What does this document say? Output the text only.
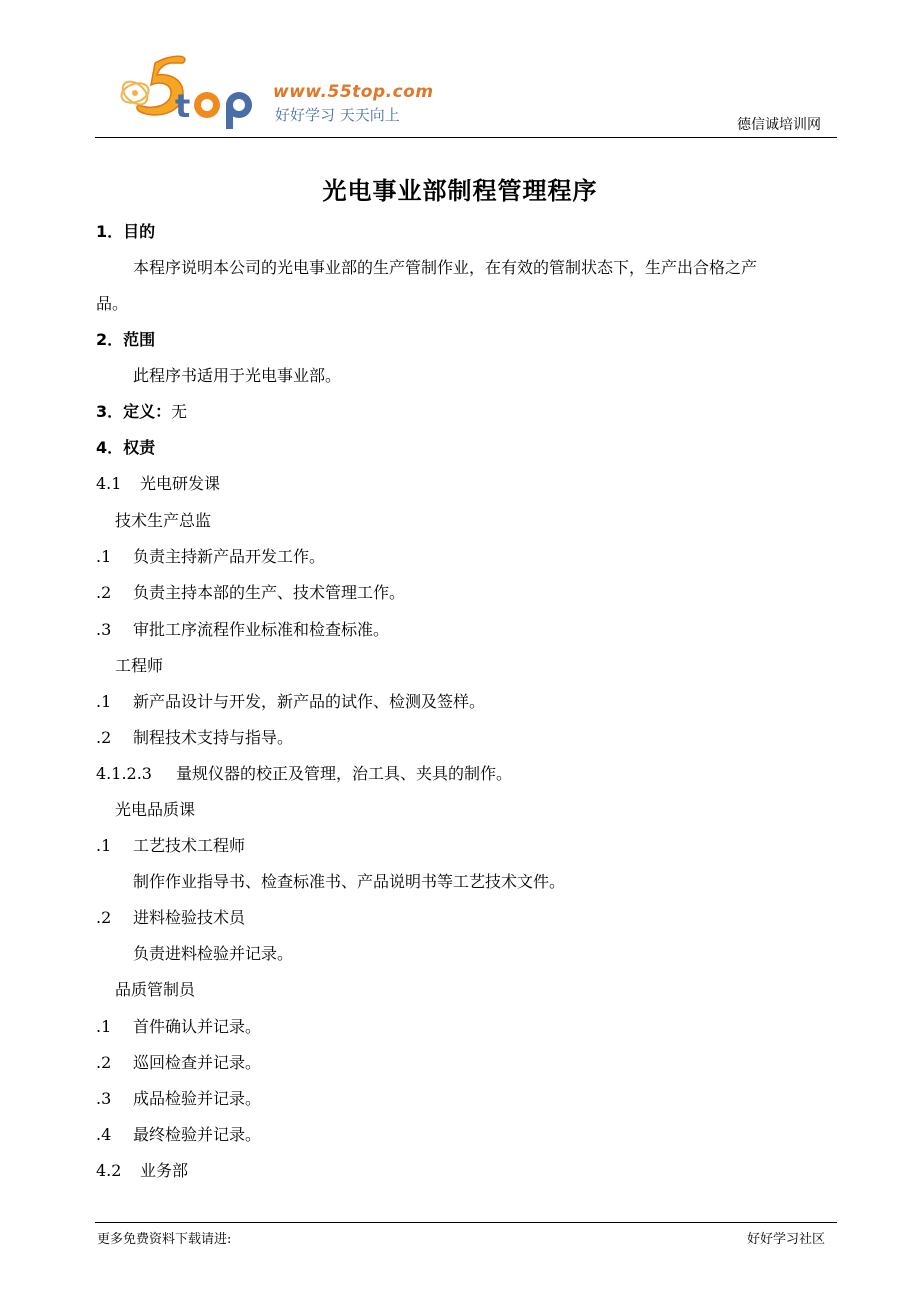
t	www.55top.com
好好学习 天天向上
德信诚培训网
光电事业部制程管理程序
1．目的
本程序说明本公司的光电事业部的生产管制作业，在有效的管制状态下，生产出合格之产
品。
2．范围
此程序书适用于光电事业部。
3．定义：无
4．权责
4.1 光电研发课
技术生产总监
.1 负责主持新产品开发工作。
.2 负责主持本部的生产、技术管理工作。
.3 审批工序流程作业标准和检查标准。
工程师
.1 新产品设计与开发，新产品的试作、检测及签样。
.2 制程技术支持与指导。
4.1.2.3 量规仪器的校正及管理，治工具、夹具的制作。
光电品质课
.1 工艺技术工程师
制作作业指导书、检查标准书、产品说明书等工艺技术文件。
.2 进料检验技术员
负责进料检验并记录。
品质管制员
.1 首件确认并记录。
.2 巡回检查并记录。
.3 成品检验并记录。
.4 最终检验并记录。
4.2 业务部
更多免费资料下载请进:	好好学习社区
